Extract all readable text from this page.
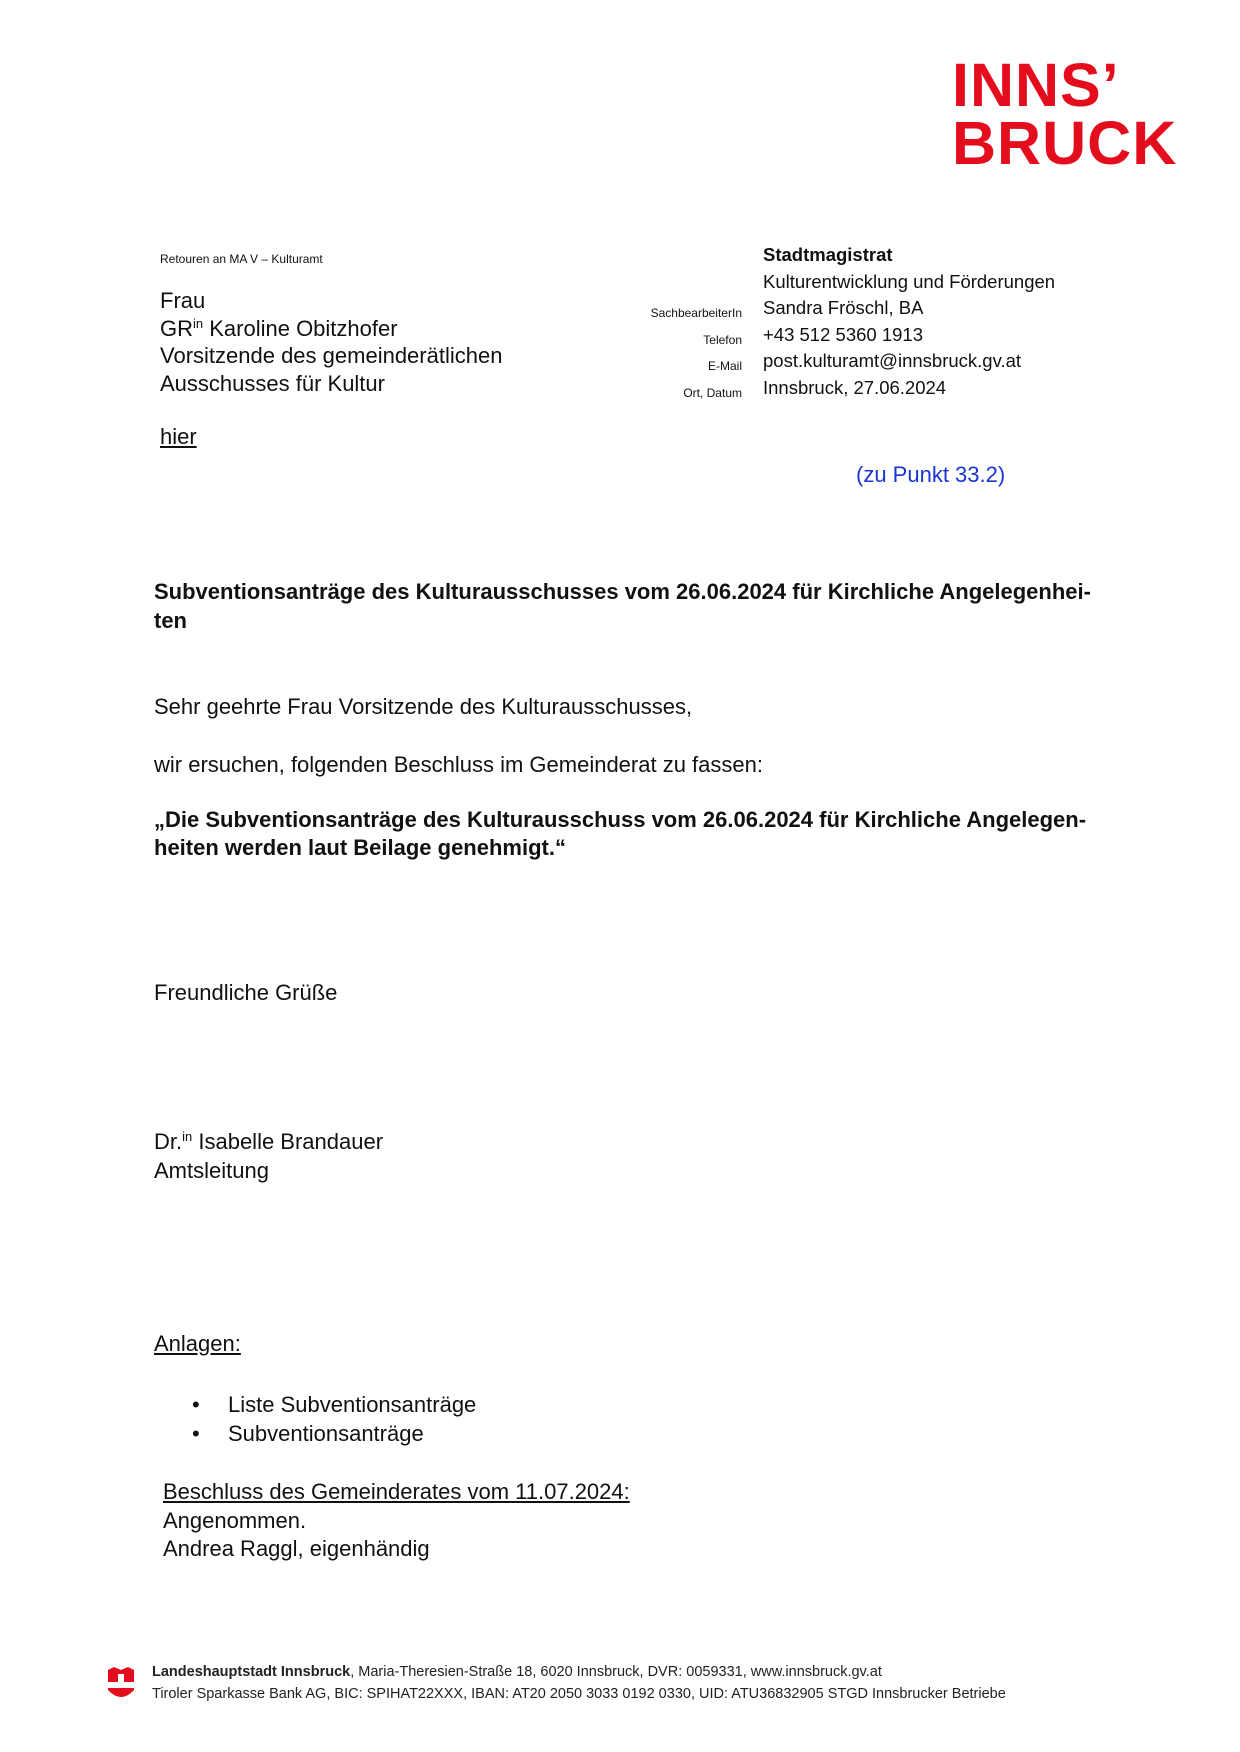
INNS’
BRUCK
Retouren an MA V – Kulturamt
Frau
$GR^{in}$ Karoline Obitzhofer
Vorsitzende des gemeinderätlichen
Ausschusses für Kultur
hier
SachbearbeiterIn
Telefon
E-Mail
Ort, Datum
Stadtmagistrat
Kulturentwicklung und Förderungen
Sandra Fröschl, BA
+43 512 5360 1913
post.kulturamt@innsbruck.gv.at
Innsbruck, 27.06.2024
(zu Punkt 33.2)
Subventionsanträge des Kulturausschusses vom 26.06.2024 für Kirchliche Angelegenhei-
ten
Sehr geehrte Frau Vorsitzende des Kulturausschusses,
wir ersuchen, folgenden Beschluss im Gemeinderat zu fassen:
„Die Subventionsanträge des Kulturausschuss vom 26.06.2024 für Kirchliche Angelegen-
heiten werden laut Beilage genehmigt.“
Freundliche Grüße
Dr.$^{in}$ Isabelle Brandauer
Amtsleitung
Anlagen:
• Liste Subventionsanträge
• Subventionsanträge
Beschluss des Gemeinderates vom 11.07.2024:
Angenommen.
Andrea Raggl, eigenhändig
Landeshauptstadt Innsbruck, Maria-Theresien-Straße 18, 6020 Innsbruck, DVR: 0059331, www.innsbruck.gv.at
Tiroler Sparkasse Bank AG, BIC: SPIHAT22XXX, IBAN: AT20 2050 3033 0192 0330, UID: ATU36832905 STGD Innsbrucker Betriebe
